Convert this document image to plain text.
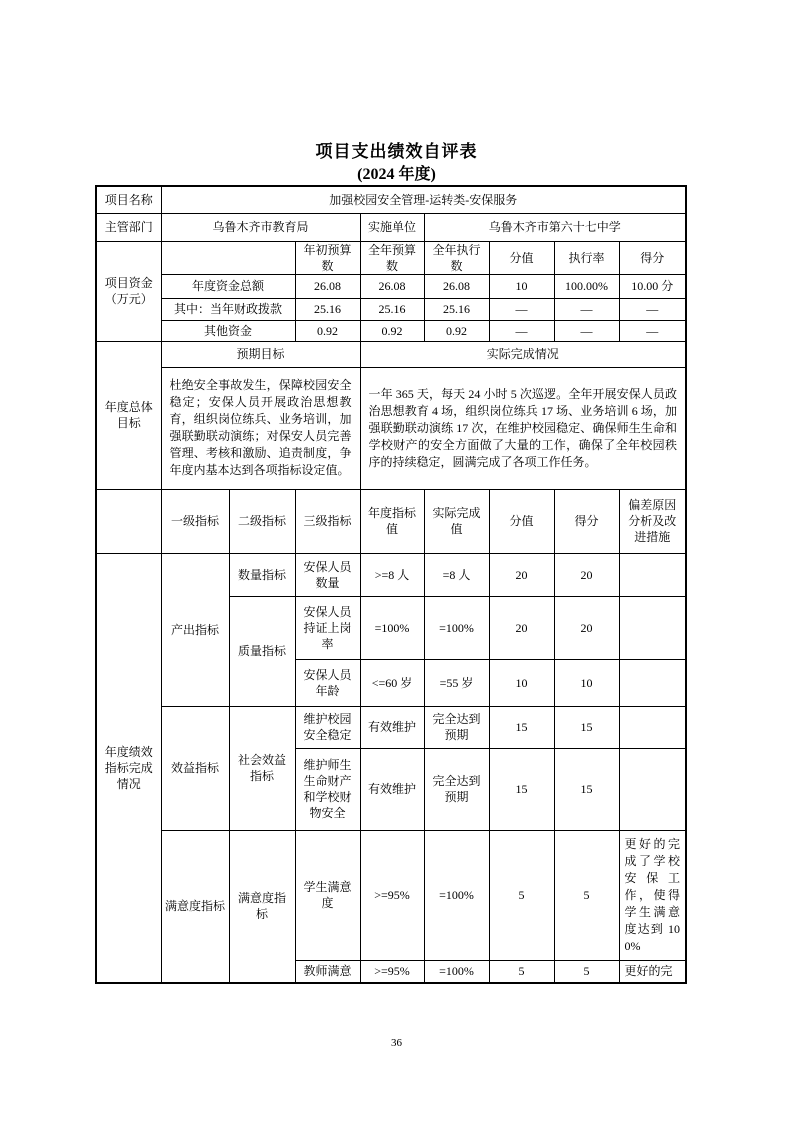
项目支出绩效自评表
(2024 年度)
项目名称	加强校园安全管理-运转类-安保服务							
主管部门	乌鲁木齐市教育局			实施单位	乌鲁木齐市第六十七中学			
项目资金（万元）			年初预算数	全年预算数	全年执行数	分值	执行率	得分
	年度资金总额		26.08	26.08	26.08	10	100.00%	10.00 分
	其中：当年财政拨款		25.16	25.16	25.16	—	—	—
	其他资金		0.92	0.92	0.92	—	—	—
年度总体目标	预期目标			实际完成情况				
	杜绝安全事故发生，保障校园安全稳定；安保人员开展政治思想教育，组织岗位练兵、业务培训，加强联勤联动演练；对保安人员完善管理、考核和激励、追责制度，争年度内基本达到各项指标设定值。			一年 365 天，每天 24 小时 5 次巡逻。全年开展安保人员政治思想教育 4 场，组织岗位练兵 17 场、业务培训 6 场，加强联勤联动演练 17 次，在维护校园稳定、确保师生生命和学校财产的安全方面做了大量的工作，确保了全年校园秩序的持续稳定，圆满完成了各项工作任务。				
	一级指标	二级指标	三级指标	年度指标值	实际完成值	分值	得分	偏差原因分析及改进措施
年度绩效指标完成情况	产出指标	数量指标	安保人员数量	>=8 人	=8 人	20	20	
		质量指标	安保人员持证上岗率	=100%	=100%	20	20	
			安保人员年龄	<=60 岁	=55 岁	10	10	
	效益指标	社会效益指标	维护校园安全稳定	有效维护	完全达到预期	15	15	
			维护师生生命财产和学校财物安全	有效维护	完全达到预期	15	15	
	满意度指标	满意度指标	学生满意度	>=95%	=100%	5	5	更好的完成了学校安保工作，使得学生满意度达到 100%
			教师满意	>=95%	=100%	5	5	更好的完
36
